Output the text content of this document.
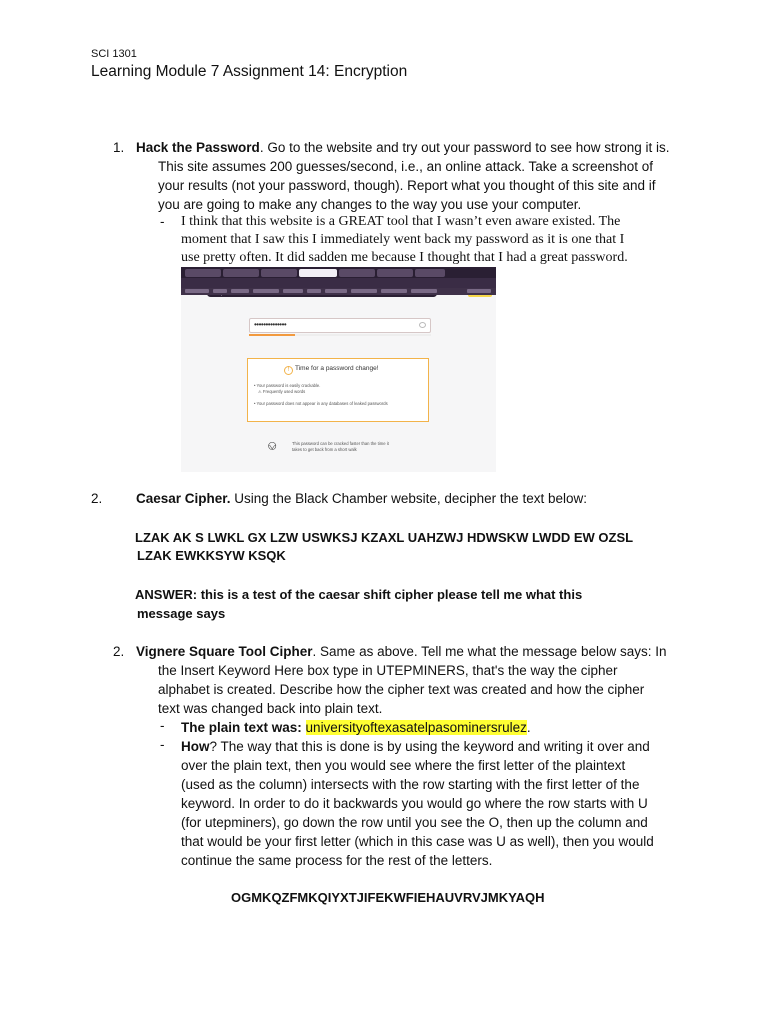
SCI 1301
Learning Module 7 Assignment 14: Encryption
1. Hack the Password. Go to the website and try out your password to see how strong it is.
This site assumes 200 guesses/second, i.e., an online attack. Take a screenshot of
your results (not your password, though). Report what you thought of this site and if
you are going to make any changes to the way you use your computer.
- I think that this website is a GREAT tool that I wasn’t even aware existed. The
moment that I saw this I immediately went back my password as it is one that I
use pretty often. It did sadden me because I thought that I had a great password.
••••••••••••••
! Time for a password change!
• Your password is easily crackable.
⚠ Frequently used words
• Your password does not appear in any databases of leaked passwords
⎉	This password can be cracked faster than the time it
takes to get back from a short walk
2. Caesar Cipher. Using the Black Chamber website, decipher the text below:
LZAK AK S LWKL GX LZW USWKSJ KZAXL UAHZWJ HDWSKW LWDD EW OZSL
LZAK EWKKSYW KSQK
ANSWER: this is a test of the caesar shift cipher please tell me what this
message says
2. Vignere Square Tool Cipher. Same as above. Tell me what the message below says: In
the Insert Keyword Here box type in UTEPMINERS, that's the way the cipher
alphabet is created. Describe how the cipher text was created and how the cipher
text was changed back into plain text.
- The plain text was: universityoftexasatelpasominersrulez.
- How? The way that this is done is by using the keyword and writing it over and
over the plain text, then you would see where the first letter of the plaintext
(used as the column) intersects with the row starting with the first letter of the
keyword. In order to do it backwards you would go where the row starts with U
(for utepminers), go down the row until you see the O, then up the column and
that would be your first letter (which in this case was U as well), then you would
continue the same process for the rest of the letters.
OGMKQZFMKQIYXTJIFEKWFIEHAUVRVJMKYAQH
